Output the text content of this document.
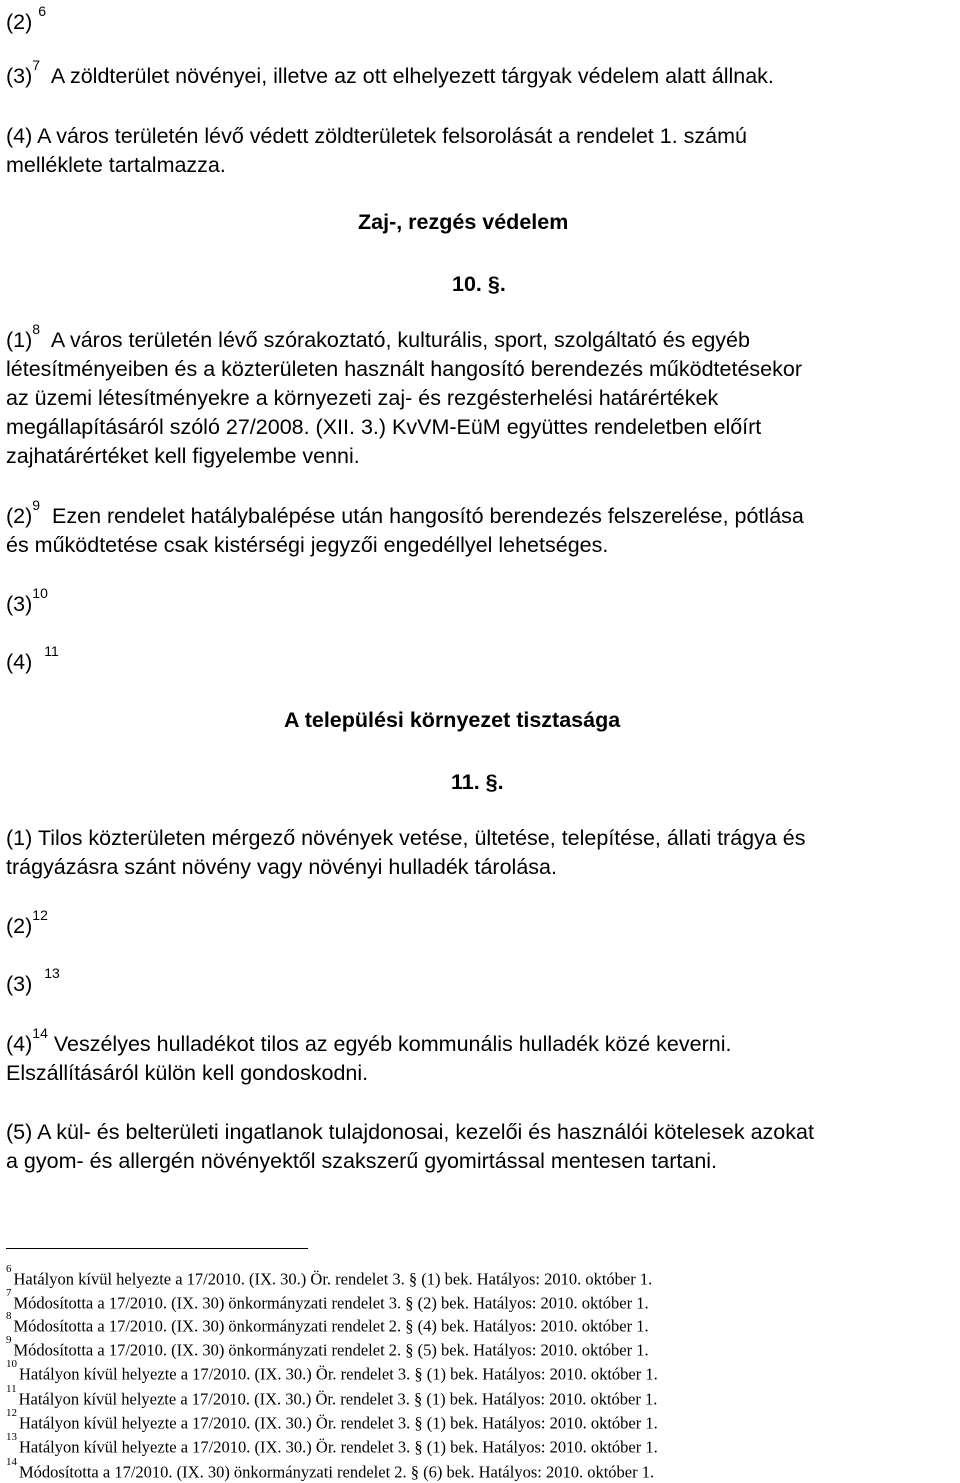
(2) $^6$
$(3)^7$ A zöldterület növényei, illetve az ott elhelyezett tárgyak védelem alatt állnak.
(4) A város területén lévő védett zöldterületek felsorolását a rendelet 1. számú
melléklete tartalmazza.
Zaj-, rezgés védelem
10. §.
$(1)^8$ A város területén lévő szórakoztató, kulturális, sport, szolgáltató és egyéb
létesítményeiben és a közterületen használt hangosító berendezés működtetésekor
az üzemi létesítményekre a környezeti zaj- és rezgésterhelési határértékek
megállapításáról szóló 27/2008. (XII. 3.) KvVM-EüM együttes rendeletben előírt
zajhatárértéket kell figyelembe venni.
$(2)^9$ Ezen rendelet hatálybalépése után hangosító berendezés felszerelése, pótlása
és működtetése csak kistérségi jegyzői engedéllyel lehetséges.
$(3)^{10}$
(4) $^{11}$
A települési környezet tisztasága
11. §.
(1) Tilos közterületen mérgező növények vetése, ültetése, telepítése, állati trágya és
trágyázásra szánt növény vagy növényi hulladék tárolása.
$(2)^{12}$
(3) $^{13}$
$(4)^{14}$ Veszélyes hulladékot tilos az egyéb kommunális hulladék közé keverni.
Elszállításáról külön kell gondoskodni.
(5) A kül- és belterületi ingatlanok tulajdonosai, kezelői és használói kötelesek azokat
a gyom- és allergén növényektől szakszerű gyomirtással mentesen tartani.
$^6$Hatályon kívül helyezte a 17/2010. (IX. 30.) Ör. rendelet 3. § (1) bek. Hatályos: 2010. október 1.
$^7$Módosította a 17/2010. (IX. 30) önkormányzati rendelet 3. § (2) bek. Hatályos: 2010. október 1.
$^8$Módosította a 17/2010. (IX. 30) önkormányzati rendelet 2. § (4) bek. Hatályos: 2010. október 1.
$^9$Módosította a 17/2010. (IX. 30) önkormányzati rendelet 2. § (5) bek. Hatályos: 2010. október 1.
$^{10}$Hatályon kívül helyezte a 17/2010. (IX. 30.) Ör. rendelet 3. § (1) bek. Hatályos: 2010. október 1.
$^{11}$Hatályon kívül helyezte a 17/2010. (IX. 30.) Ör. rendelet 3. § (1) bek. Hatályos: 2010. október 1.
$^{12}$Hatályon kívül helyezte a 17/2010. (IX. 30.) Ör. rendelet 3. § (1) bek. Hatályos: 2010. október 1.
$^{13}$Hatályon kívül helyezte a 17/2010. (IX. 30.) Ör. rendelet 3. § (1) bek. Hatályos: 2010. október 1.
$^{14}$Módosította a 17/2010. (IX. 30) önkormányzati rendelet 2. § (6) bek. Hatályos: 2010. október 1.
